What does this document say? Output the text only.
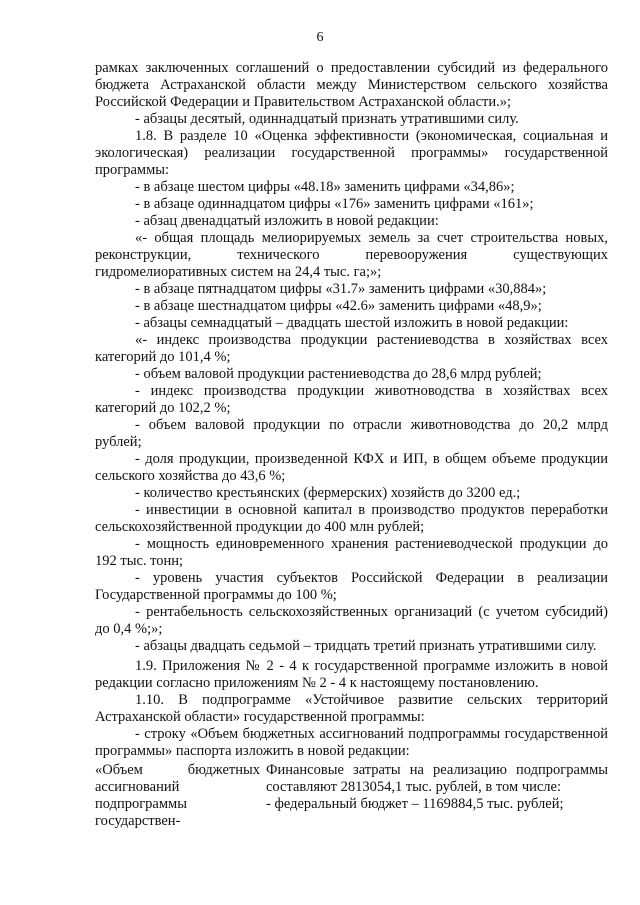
6

рамках заключенных соглашений о предоставлении субсидий из федерального бюджета Астраханской области между Министерством сельского хозяйства Российской Федерации и Правительством Астраханской области.»;

- абзацы десятый, одиннадцатый признать утратившими силу.

1.8. В разделе 10 «Оценка эффективности (экономическая, социальная и экологическая) реализации государственной программы» государственной программы:

- в абзаце шестом цифры «48.18» заменить цифрами «34,86»;

- в абзаце одиннадцатом цифры «176» заменить цифрами «161»;

- абзац двенадцатый изложить в новой редакции:

«- общая площадь мелиорируемых земель за счет строительства новых, реконструкции, технического перевооружения существующих гидромелиоративных систем на 24,4 тыс. га;»;

- в абзаце пятнадцатом цифры «31.7» заменить цифрами «30,884»;

- в абзаце шестнадцатом цифры «42.6» заменить цифрами «48,9»;

- абзацы семнадцатый – двадцать шестой изложить в новой редакции:

«- индекс производства продукции растениеводства в хозяйствах всех категорий до 101,4 %;

- объем валовой продукции растениеводства до 28,6 млрд рублей;

- индекс производства продукции животноводства в хозяйствах всех категорий до 102,2 %;

- объем валовой продукции по отрасли животноводства до 20,2 млрд рублей;

- доля продукции, произведенной КФХ и ИП, в общем объеме продукции сельского хозяйства до 43,6 %;

- количество крестьянских (фермерских) хозяйств до 3200 ед.;

- инвестиции в основной капитал в производство продуктов переработки сельскохозяйственной продукции до 400 млн рублей;

- мощность единовременного хранения растениеводческой продукции до 192 тыс. тонн;

- уровень участия субъектов Российской Федерации в реализации Государственной программы до 100 %;

- рентабельность сельскохозяйственных организаций (с учетом субсидий) до 0,4 %;»;

- абзацы двадцать седьмой – тридцать третий признать утратившими силу.

1.9. Приложения № 2 - 4 к государственной программе изложить в новой редакции согласно приложениям № 2 - 4 к настоящему постановлению.

1.10. В подпрограмме «Устойчивое развитие сельских территорий Астраханской области» государственной программы:

- строку «Объем бюджетных ассигнований подпрограммы государственной программы» паспорта изложить в новой редакции:

«Объем бюджетных ассигнований подпрограммы государствен-
Финансовые затраты на реализацию подпрограммы составляют 2813054,1 тыс. рублей, в том числе:
- федеральный бюджет – 1169884,5 тыс. рублей;
